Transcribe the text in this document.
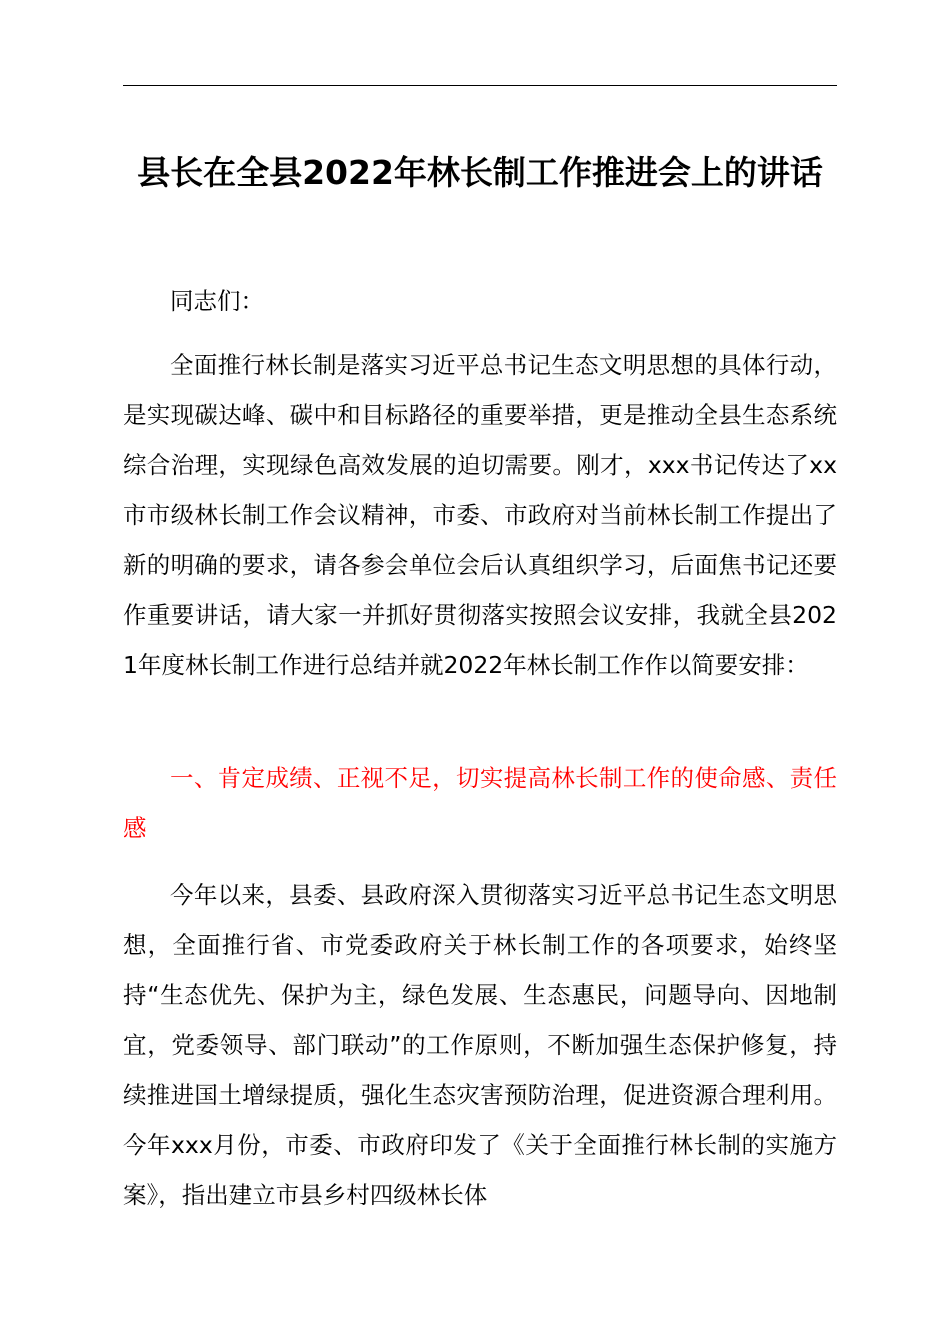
县长在全县2022年林长制工作推进会上的讲话

同志们：

全面推行林长制是落实习近平总书记生态文明思想的具体行动，是实现碳达峰、碳中和目标路径的重要举措，更是推动全县生态系统综合治理，实现绿色高效发展的迫切需要。刚才，xxx书记传达了xx市市级林长制工作会议精神，市委、市政府对当前林长制工作提出了新的明确的要求，请各参会单位会后认真组织学习，后面焦书记还要作重要讲话，请大家一并抓好贯彻落实按照会议安排，我就全县2021年度林长制工作进行总结并就2022年林长制工作作以简要安排：

一、肯定成绩、正视不足，切实提高林长制工作的使命感、责任感

今年以来，县委、县政府深入贯彻落实习近平总书记生态文明思想，全面推行省、市党委政府关于林长制工作的各项要求，始终坚持“生态优先、保护为主，绿色发展、生态惠民，问题导向、因地制宜，党委领导、部门联动”的工作原则，不断加强生态保护修复，持续推进国土增绿提质，强化生态灾害预防治理，促进资源合理利用。今年xxx月份，市委、市政府印发了《关于全面推行林长制的实施方案》，指出建立市县乡村四级林长体
